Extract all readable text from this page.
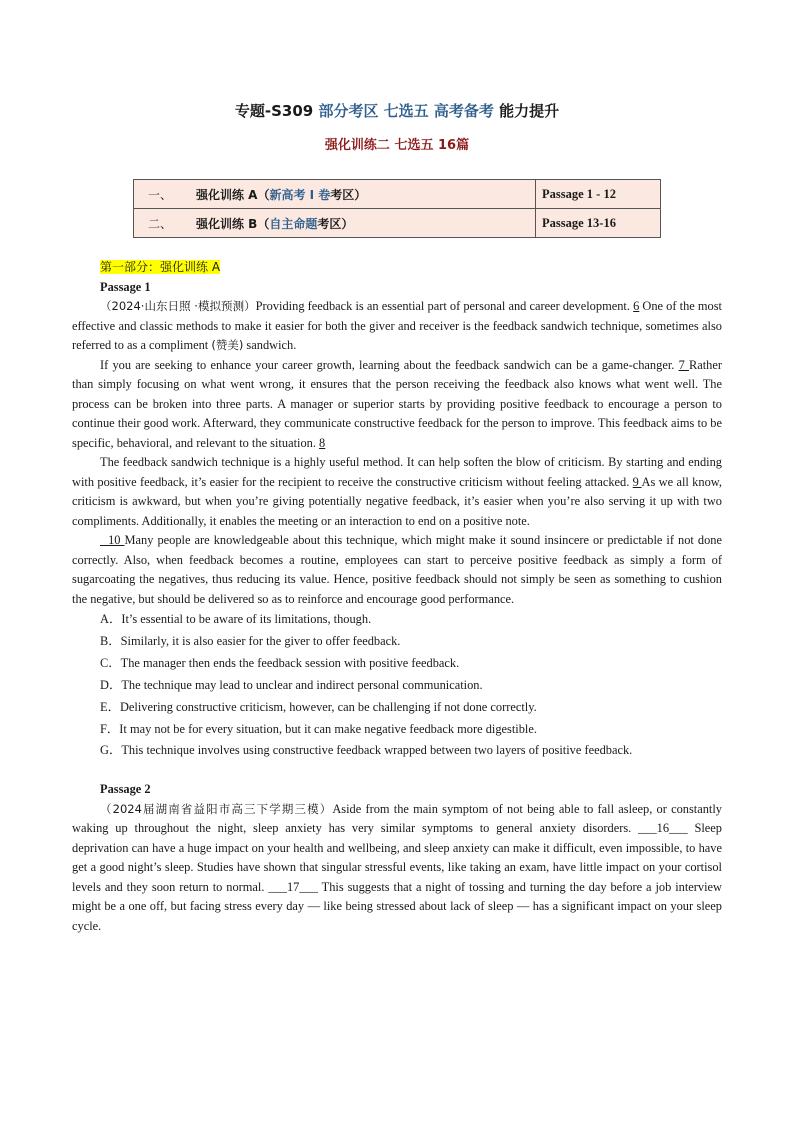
专题-S309 部分考区 七选五 高考备考 能力提升
强化训练二 七选五 16篇
一、	强化训练 A（新高考 Ⅰ 卷考区）	Passage 1 - 12
二、	强化训练 B（自主命题考区）	Passage 13-16
第一部分：强化训练 A
Passage 1

（2024·山东日照 ·模拟预测）Providing feedback is an essential part of personal and career development. 6 One of the most effective and classic methods to make it easier for both the giver and receiver is the feedback sandwich technique, sometimes also referred to as a compliment (赞美) sandwich.

If you are seeking to enhance your career growth, learning about the feedback sandwich can be a game-changer. 7 Rather than simply focusing on what went wrong, it ensures that the person receiving the feedback also knows what went well. The process can be broken into three parts. A manager or superior starts by providing positive feedback to encourage a person to continue their good work. Afterward, they communicate constructive feedback for the person to improve. This feedback aims to be specific, behavioral, and relevant to the situation. 8

The feedback sandwich technique is a highly useful method. It can help soften the blow of criticism. By starting and ending with positive feedback, it’s easier for the recipient to receive the constructive criticism without feeling attacked. 9 As we all know, criticism is awkward, but when you’re giving potentially negative feedback, it’s easier when you’re also serving it up with two compliments. Additionally, it enables the meeting or an interaction to end on a positive note.

10 Many people are knowledgeable about this technique, which might make it sound insincere or predictable if not done correctly. Also, when feedback becomes a routine, employees can start to perceive positive feedback as simply a form of sugarcoating the negatives, thus reducing its value. Hence, positive feedback should not simply be seen as something to cushion the negative, but should be delivered so as to reinforce and encourage good performance.

A．It’s essential to be aware of its limitations, though.
B．Similarly, it is also easier for the giver to offer feedback.
C．The manager then ends the feedback session with positive feedback.
D．The technique may lead to unclear and indirect personal communication.
E．Delivering constructive criticism, however, can be challenging if not done correctly.
F．It may not be for every situation, but it can make negative feedback more digestible.
G．This technique involves using constructive feedback wrapped between two layers of positive feedback.
Passage 2

（2024届湖南省益阳市高三下学期三模）Aside from the main symptom of not being able to fall asleep, or constantly waking up throughout the night, sleep anxiety has very similar symptoms to general anxiety disorders. ___16___ Sleep deprivation can have a huge impact on your health and wellbeing, and sleep anxiety can make it difficult, even impossible, to have get a good night’s sleep. Studies have shown that singular stressful events, like taking an exam, have little impact on your cortisol levels and they soon return to normal. ___17___ This suggests that a night of tossing and turning the day before a job interview might be a one off, but facing stress every day — like being stressed about lack of sleep — has a significant impact on your sleep cycle.
